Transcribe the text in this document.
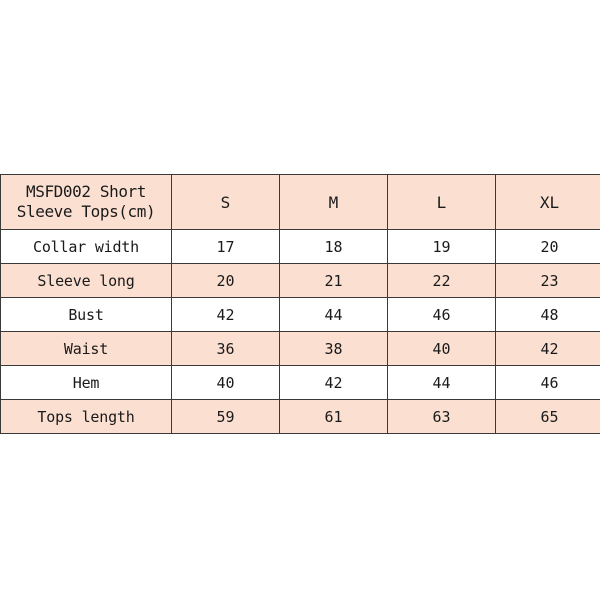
MSFD002 Short
Sleeve Tops(cm)	S	M	L	XL
Collar width	17	18	19	20
Sleeve long	20	21	22	23
Bust	42	44	46	48
Waist	36	38	40	42
Hem	40	42	44	46
Tops length	59	61	63	65
